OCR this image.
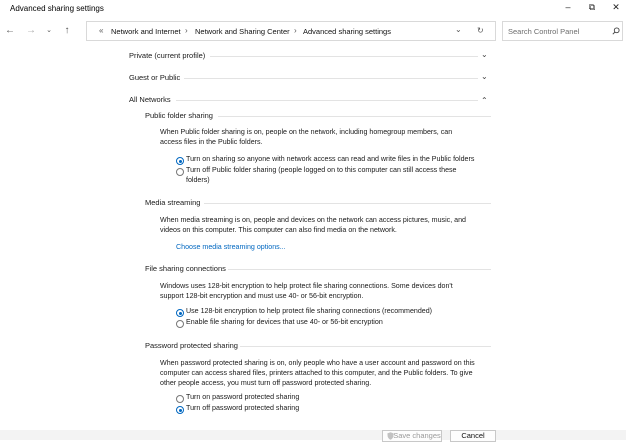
Advanced sharing settings	–	⧉	✕
← →	⌄	↑	« Network and Internet › Network and Sharing Center › Advanced sharing settings	⌄ ↻	Search Control Panel
Private (current profile)	⌄
Guest or Public	⌄
All Networks	⌃
Public folder sharing
When Public folder sharing is on, people on the network, including homegroup members, can
access files in the Public folders.
Turn on sharing so anyone with network access can read and write files in the Public folders
Turn off Public folder sharing (people logged on to this computer can still access these
folders)
Media streaming
When media streaming is on, people and devices on the network can access pictures, music, and
videos on this computer. This computer can also find media on the network.
Choose media streaming options...
File sharing connections
Windows uses 128-bit encryption to help protect file sharing connections. Some devices don't
support 128-bit encryption and must use 40- or 56-bit encryption.
Use 128-bit encryption to help protect file sharing connections (recommended)
Enable file sharing for devices that use 40- or 56-bit encryption
Password protected sharing
When password protected sharing is on, only people who have a user account and password on this
computer can access shared files, printers attached to this computer, and the Public folders. To give
other people access, you must turn off password protected sharing.
Turn on password protected sharing
Turn off password protected sharing
Save changes	Cancel
